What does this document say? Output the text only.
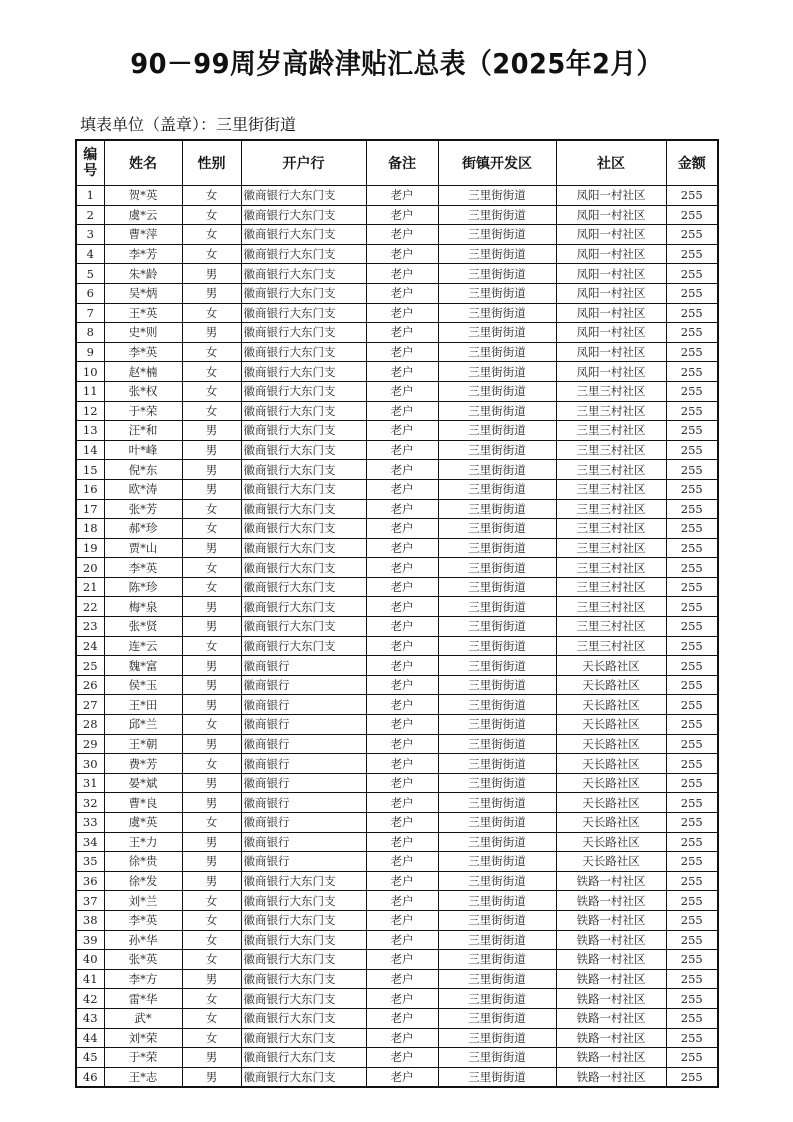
90－99周岁高龄津贴汇总表（2025年2月）
填表单位（盖章）：三里街街道
编号	姓名	性别	开户行	备注	街镇开发区	社区	金额
1	贺*英	女	徽商银行大东门支	老户	三里街街道	凤阳一村社区	255
2	虞*云	女	徽商银行大东门支	老户	三里街街道	凤阳一村社区	255
3	曹*萍	女	徽商银行大东门支	老户	三里街街道	凤阳一村社区	255
4	李*芳	女	徽商银行大东门支	老户	三里街街道	凤阳一村社区	255
5	朱*龄	男	徽商银行大东门支	老户	三里街街道	凤阳一村社区	255
6	吴*炳	男	徽商银行大东门支	老户	三里街街道	凤阳一村社区	255
7	王*英	女	徽商银行大东门支	老户	三里街街道	凤阳一村社区	255
8	史*则	男	徽商银行大东门支	老户	三里街街道	凤阳一村社区	255
9	李*英	女	徽商银行大东门支	老户	三里街街道	凤阳一村社区	255
10	赵*楠	女	徽商银行大东门支	老户	三里街街道	凤阳一村社区	255
11	张*权	女	徽商银行大东门支	老户	三里街街道	三里三村社区	255
12	于*荣	女	徽商银行大东门支	老户	三里街街道	三里三村社区	255
13	汪*和	男	徽商银行大东门支	老户	三里街街道	三里三村社区	255
14	叶*峰	男	徽商银行大东门支	老户	三里街街道	三里三村社区	255
15	倪*东	男	徽商银行大东门支	老户	三里街街道	三里三村社区	255
16	欧*涛	男	徽商银行大东门支	老户	三里街街道	三里三村社区	255
17	张*芳	女	徽商银行大东门支	老户	三里街街道	三里三村社区	255
18	郝*珍	女	徽商银行大东门支	老户	三里街街道	三里三村社区	255
19	贾*山	男	徽商银行大东门支	老户	三里街街道	三里三村社区	255
20	李*英	女	徽商银行大东门支	老户	三里街街道	三里三村社区	255
21	陈*珍	女	徽商银行大东门支	老户	三里街街道	三里三村社区	255
22	梅*泉	男	徽商银行大东门支	老户	三里街街道	三里三村社区	255
23	张*贤	男	徽商银行大东门支	老户	三里街街道	三里三村社区	255
24	连*云	女	徽商银行大东门支	老户	三里街街道	三里三村社区	255
25	魏*富	男	徽商银行	老户	三里街街道	天长路社区	255
26	侯*玉	男	徽商银行	老户	三里街街道	天长路社区	255
27	王*田	男	徽商银行	老户	三里街街道	天长路社区	255
28	邱*兰	女	徽商银行	老户	三里街街道	天长路社区	255
29	王*朝	男	徽商银行	老户	三里街街道	天长路社区	255
30	费*芳	女	徽商银行	老户	三里街街道	天长路社区	255
31	晏*斌	男	徽商银行	老户	三里街街道	天长路社区	255
32	曹*良	男	徽商银行	老户	三里街街道	天长路社区	255
33	虞*英	女	徽商银行	老户	三里街街道	天长路社区	255
34	王*力	男	徽商银行	老户	三里街街道	天长路社区	255
35	徐*贵	男	徽商银行	老户	三里街街道	天长路社区	255
36	徐*发	男	徽商银行大东门支	老户	三里街街道	铁路一村社区	255
37	刘*兰	女	徽商银行大东门支	老户	三里街街道	铁路一村社区	255
38	李*英	女	徽商银行大东门支	老户	三里街街道	铁路一村社区	255
39	孙*华	女	徽商银行大东门支	老户	三里街街道	铁路一村社区	255
40	张*英	女	徽商银行大东门支	老户	三里街街道	铁路一村社区	255
41	李*方	男	徽商银行大东门支	老户	三里街街道	铁路一村社区	255
42	雷*华	女	徽商银行大东门支	老户	三里街街道	铁路一村社区	255
43	武*	女	徽商银行大东门支	老户	三里街街道	铁路一村社区	255
44	刘*荣	女	徽商银行大东门支	老户	三里街街道	铁路一村社区	255
45	于*荣	男	徽商银行大东门支	老户	三里街街道	铁路一村社区	255
46	王*志	男	徽商银行大东门支	老户	三里街街道	铁路一村社区	255
